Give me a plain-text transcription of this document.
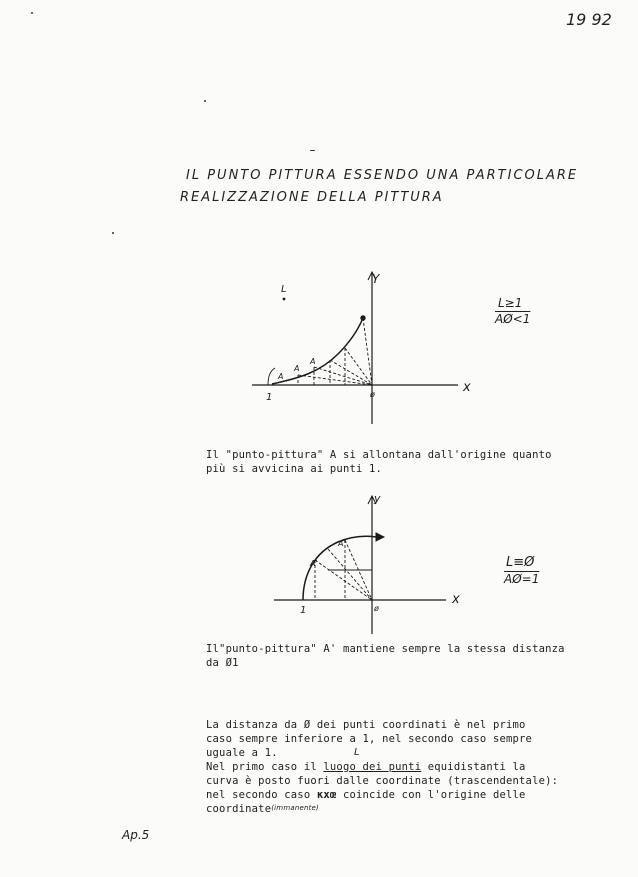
19 92
IL PUNTO PITTURA ESSENDO UNA PARTICOLARE
REALIZZAZIONE DELLA PITTURA
L
Y
x
A
A
A
1	ø
L≥1
AØ<1
Il "punto-pittura" A si allontana dall'origine quanto
più si avvicina ai punti 1.
y
x
A'
A'
1	ø
L≡Ø
AØ=1
Il"punto-pittura" A' mantiene sempre la stessa distanza
da Ø1
La distanza da Ø dei punti coordinati è nel primo
caso sempre inferiore a 1, nel secondo caso sempre
uguale a 1.
Nel primo caso il luogo dei punti equidistanti la
curva è posto fuori dalle coordinate (trascendentale):
nel secondo caso ĸxœ coincide con l'origine delle
coordinate(immanente)
L
Ap.5
